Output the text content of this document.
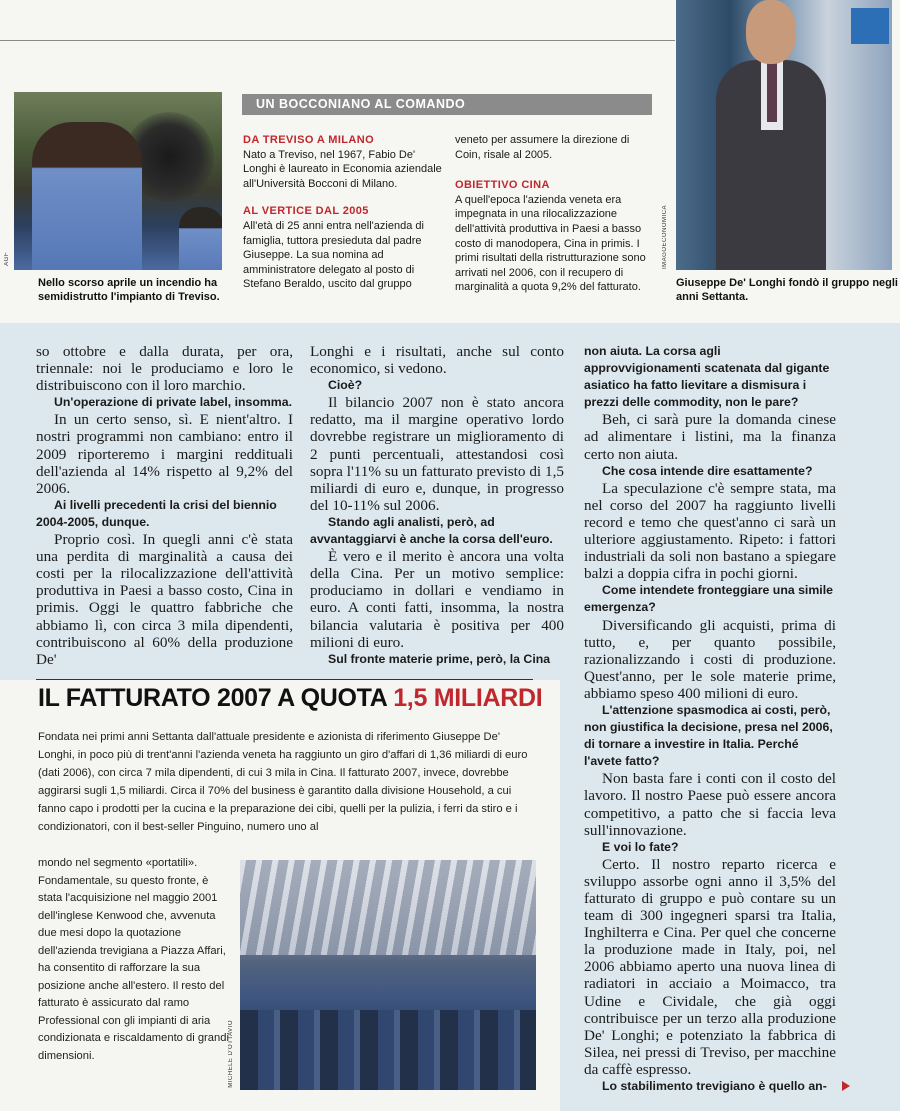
AGF
Nello scorso aprile un incendio ha semidistrutto l'impianto di Treviso.
UN BOCCONIANO AL COMANDO
DA TREVISO A MILANO

Nato a Treviso, nel 1967, Fabio De' Longhi è laureato in Economia aziendale all'Università Bocconi di Milano.

AL VERTICE DAL 2005

All'età di 25 anni entra nell'azienda di famiglia, tuttora presieduta dal padre Giuseppe. La sua nomina ad amministratore delegato al posto di Stefano Beraldo, uscito dal gruppo

veneto per assumere la direzione di Coin, risale al 2005.

OBIETTIVO CINA

A quell'epoca l'azienda veneta era impegnata in una rilocalizzazione dell'attività produttiva in Paesi a basso costo di manodopera, Cina in primis. I primi risultati della ristrutturazione sono arrivati nel 2006, con il recupero di marginalità a quota 9,2% del fatturato.

IMAGOECONOMICA
Giuseppe De' Longhi fondò il gruppo negli anni Settanta.

so ottobre e dalla durata, per ora, triennale: noi le produciamo e loro le distribuiscono con il loro marchio.

Un'operazione di private label, insomma.

In un certo senso, sì. E nient'altro. I nostri programmi non cambiano: entro il 2009 riporteremo i margini reddituali dell'azienda al 14% rispetto al 9,2% del 2006.

Ai livelli precedenti la crisi del biennio 2004-2005, dunque.

Proprio così. In quegli anni c'è stata una perdita di marginalità a causa dei costi per la rilocalizzazione dell'attività produttiva in Paesi a basso costo, Cina in primis. Oggi le quattro fabbriche che abbiamo lì, con circa 3 mila dipendenti, contribuiscono al 60% della produzione De'

Longhi e i risultati, anche sul conto economico, si vedono.

Cioè?

Il bilancio 2007 non è stato ancora redatto, ma il margine operativo lordo dovrebbe registrare un miglioramento di 2 punti percentuali, attestandosi così sopra l'11% su un fatturato previsto di 1,5 miliardi di euro e, dunque, in progresso del 10-11% sul 2006.

Stando agli analisti, però, ad avvantaggiarvi è anche la corsa dell'euro.

È vero e il merito è ancora una volta della Cina. Per un motivo semplice: produciamo in dollari e vendiamo in euro. A conti fatti, insomma, la nostra bilancia valutaria è positiva per 400 milioni di euro.

Sul fronte materie prime, però, la Cina
IL FATTURATO 2007 A QUOTA 1,5 MILIARDI
Fondata nei primi anni Settanta dall'attuale presidente e azionista di riferimento Giuseppe De' Longhi, in poco più di trent'anni l'azienda veneta ha raggiunto un giro d'affari di 1,36 miliardi di euro (dati 2006), con circa 7 mila dipendenti, di cui 3 mila in Cina. Il fatturato 2007, invece, dovrebbe aggirarsi sugli 1,5 miliardi. Circa il 70% del business è garantito dalla divisione Household, a cui fanno capo i prodotti per la cucina e la preparazione dei cibi, quelli per la pulizia, i ferri da stiro e i condizionatori, con il best-seller Pinguino, numero uno al
mondo nel segmento «portatili». Fondamentale, su questo fronte, è stata l'acquisizione nel maggio 2001 dell'inglese Kenwood che, avvenuta due mesi dopo la quotazione dell'azienda trevigiana a Piazza Affari, ha consentito di rafforzare la sua posizione anche all'estero. Il resto del fatturato è assicurato dal ramo Professional con gli impianti di aria condizionata e riscaldamento di grandi dimensioni.	MICHELE D'OTTAVIO
non aiuta. La corsa agli approvvigionamenti scatenata dal gigante asiatico ha fatto lievitare a dismisura i prezzi delle commodity, non le pare?

Beh, ci sarà pure la domanda cinese ad alimentare i listini, ma la finanza certo non aiuta.

Che cosa intende dire esattamente?

La speculazione c'è sempre stata, ma nel corso del 2007 ha raggiunto livelli record e temo che quest'anno ci sarà un ulteriore aggiustamento. Ripeto: i fattori industriali da soli non bastano a spiegare balzi a doppia cifra in pochi giorni.

Come intendete fronteggiare una simile emergenza?

Diversificando gli acquisti, prima di tutto, e, per quanto possibile, razionalizzando i costi di produzione. Quest'anno, per le sole materie prime, abbiamo speso 400 milioni di euro.

L'attenzione spasmodica ai costi, però, non giustifica la decisione, presa nel 2006, di tornare a investire in Italia. Perché l'avete fatto?

Non basta fare i conti con il costo del lavoro. Il nostro Paese può essere ancora competitivo, a patto che si faccia leva sull'innovazione.

E voi lo fate?

Certo. Il nostro reparto ricerca e sviluppo assorbe ogni anno il 3,5% del fatturato di gruppo e può contare su un team di 300 ingegneri sparsi tra Italia, Inghilterra e Cina. Per quel che concerne la produzione made in Italy, poi, nel 2006 abbiamo aperto una nuova linea di radiatori in acciaio a Moimacco, tra Udine e Cividale, che già oggi contribuisce per un terzo alla produzione De' Longhi; e potenziato la fabbrica di Silea, nei pressi di Treviso, per macchine da caffè espresso.

Lo stabilimento trevigiano è quello an-
